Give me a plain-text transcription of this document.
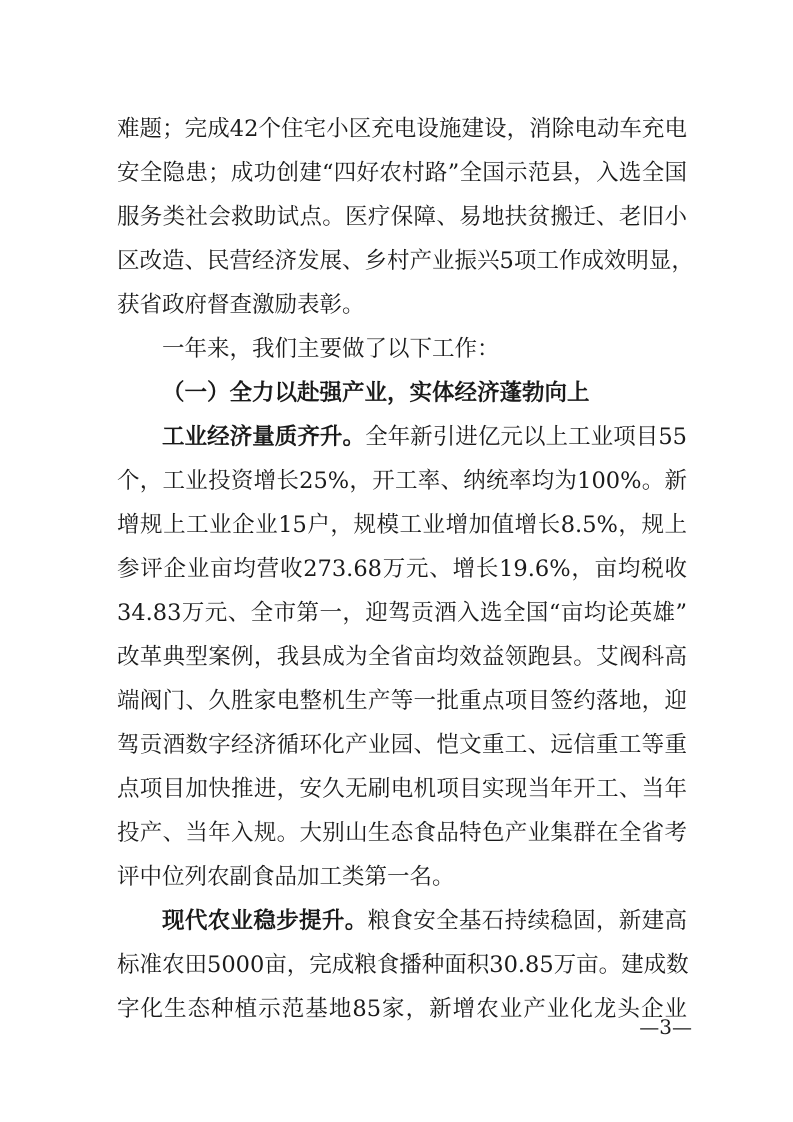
难题；完成42个住宅小区充电设施建设，消除电动车充电
安全隐患；成功创建“四好农村路”全国示范县，入选全国
服务类社会救助试点。医疗保障、易地扶贫搬迁、老旧小
区改造、民营经济发展、乡村产业振兴5项工作成效明显，
获省政府督查激励表彰。
一年来，我们主要做了以下工作：
（一）全力以赴强产业，实体经济蓬勃向上
工业经济量质齐升。全年新引进亿元以上工业项目55
个，工业投资增长25%，开工率、纳统率均为100%。新
增规上工业企业15户，规模工业增加值增长8.5%，规上
参评企业亩均营收273.68万元、增长19.6%，亩均税收
34.83万元、全市第一，迎驾贡酒入选全国“亩均论英雄”
改革典型案例，我县成为全省亩均效益领跑县。艾阀科高
端阀门、久胜家电整机生产等一批重点项目签约落地，迎
驾贡酒数字经济循环化产业园、恺文重工、远信重工等重
点项目加快推进，安久无刷电机项目实现当年开工、当年
投产、当年入规。大别山生态食品特色产业集群在全省考
评中位列农副食品加工类第一名。
现代农业稳步提升。粮食安全基石持续稳固，新建高
标准农田5000亩，完成粮食播种面积30.85万亩。建成数
字化生态种植示范基地85家，新增农业产业化龙头企业
—3—
